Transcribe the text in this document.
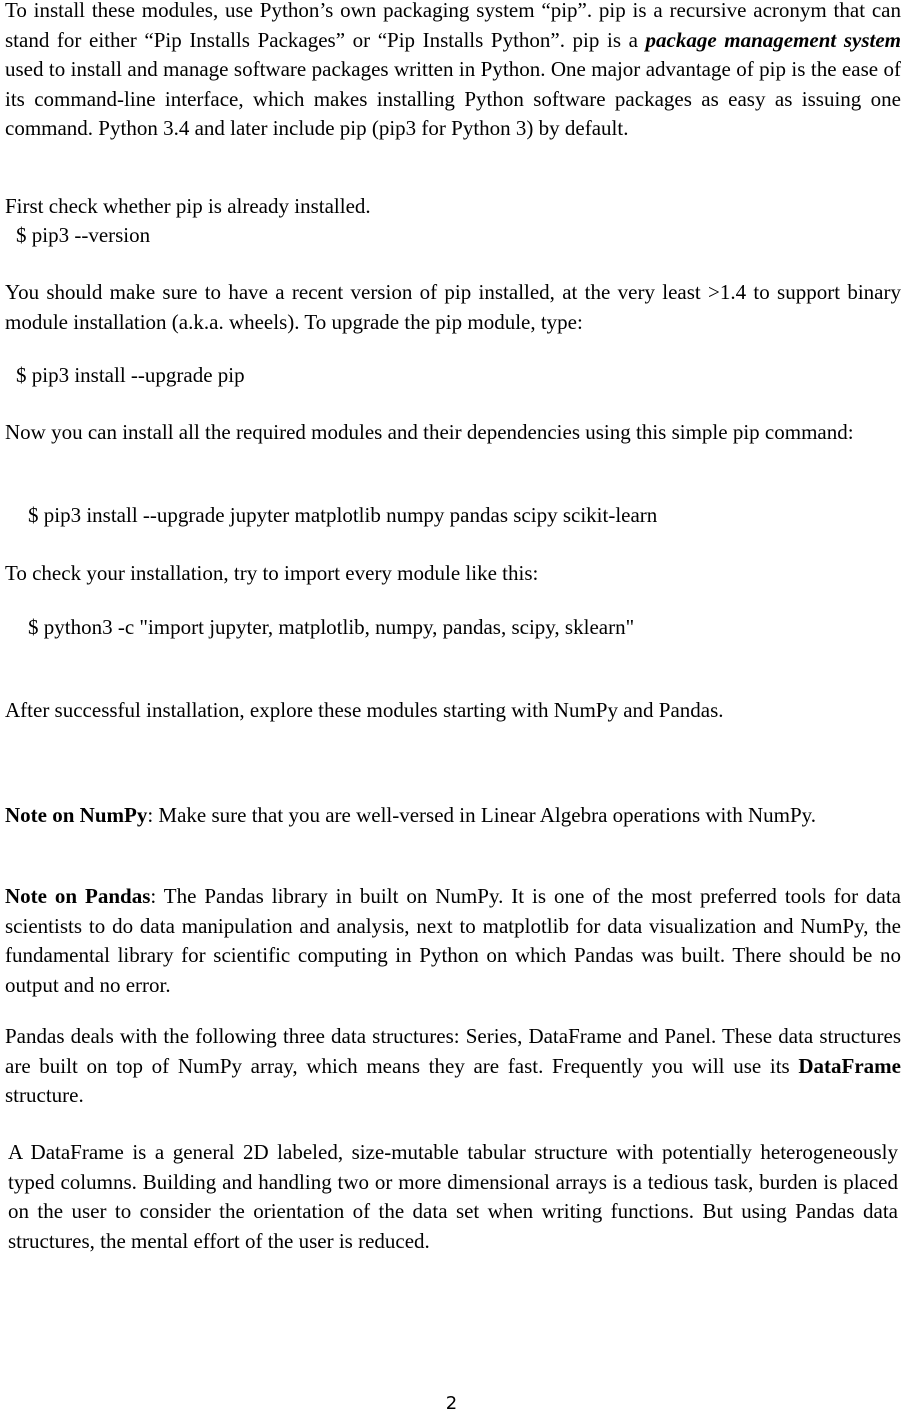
To install these modules, use Python’s own packaging system “pip”. pip is a recursive acronym that can stand for either “Pip Installs Packages” or “Pip Installs Python”. pip is a package management system used to install and manage software packages written in Python. One major advantage of pip is the ease of its command-line interface, which makes installing Python software packages as easy as issuing one command. Python 3.4 and later include pip (pip3 for Python 3) by default.

First check whether pip is already installed.

$ pip3 --version

You should make sure to have a recent version of pip installed, at the very least >1.4 to support binary module installation (a.k.a. wheels). To upgrade the pip module, type:

$ pip3 install --upgrade pip

Now you can install all the required modules and their dependencies using this simple pip command:

$ pip3 install --upgrade jupyter matplotlib numpy pandas scipy scikit-learn

To check your installation, try to import every module like this:

$ python3 -c "import jupyter, matplotlib, numpy, pandas, scipy, sklearn"

After successful installation, explore these modules starting with NumPy and Pandas.

Note on NumPy: Make sure that you are well-versed in Linear Algebra operations with NumPy.

Note on Pandas: The Pandas library in built on NumPy. It is one of the most preferred tools for data scientists to do data manipulation and analysis, next to matplotlib for data visualization and NumPy, the fundamental library for scientific computing in Python on which Pandas was built. There should be no output and no error.

Pandas deals with the following three data structures: Series, DataFrame and Panel. These data structures are built on top of NumPy array, which means they are fast. Frequently you will use its DataFrame structure.

A DataFrame is a general 2D labeled, size-mutable tabular structure with potentially heterogeneously typed columns. Building and handling two or more dimensional arrays is a tedious task, burden is placed on the user to consider the orientation of the data set when writing functions. But using Pandas data structures, the mental effort of the user is reduced.

2
